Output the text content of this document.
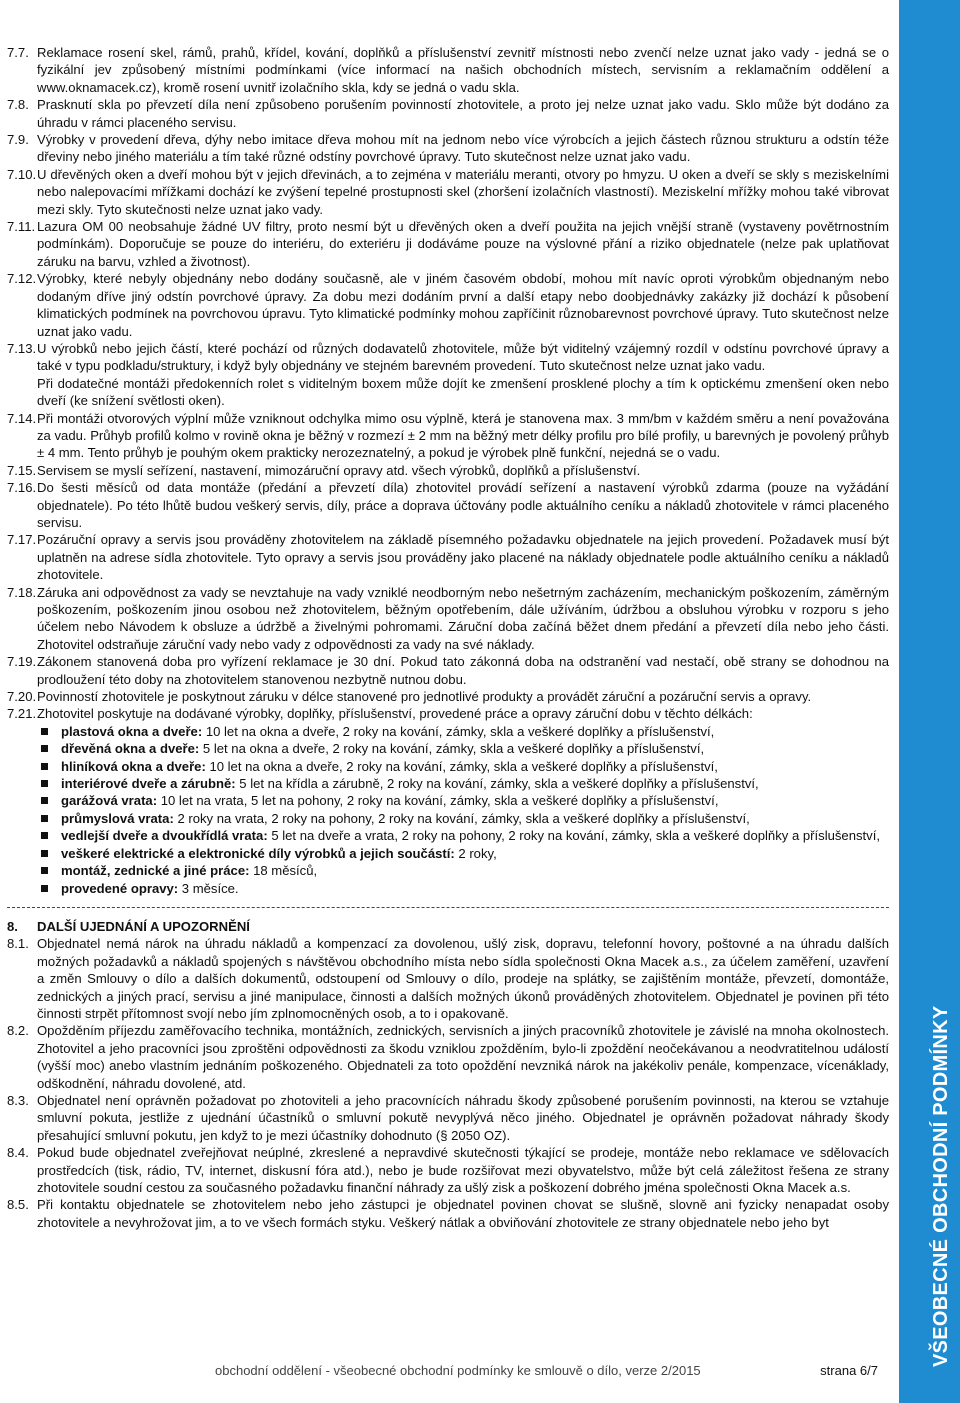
VŠEOBECNÉ OBCHODNÍ PODMÍNKY
7.7. Reklamace rosení skel, rámů, prahů, křídel, kování, doplňků a příslušenství zevnitř místnosti nebo zvenčí nelze uznat jako vady - jedná se o fyzikální jev způsobený místními podmínkami (více informací na našich obchodních místech, servisním a reklamačním oddělení a www.oknamacek.cz), kromě rosení uvnitř izolačního skla, kdy se jedná o vadu skla.
7.8. Prasknutí skla po převzetí díla není způsobeno porušením povinností zhotovitele, a proto jej nelze uznat jako vadu. Sklo může být dodáno za úhradu v rámci placeného servisu.
7.9. Výrobky v provedení dřeva, dýhy nebo imitace dřeva mohou mít na jednom nebo více výrobcích a jejich částech různou strukturu a odstín téže dřeviny nebo jiného materiálu a tím také různé odstíny povrchové úpravy. Tuto skutečnost nelze uznat jako vadu.
7.10. U dřevěných oken a dveří mohou být v jejich dřevinách, a to zejména v materiálu meranti, otvory po hmyzu. U oken a dveří se skly s meziskelními nebo nalepovacími mřížkami dochází ke zvýšení tepelné prostupnosti skel (zhoršení izolačních vlastností). Meziskelní mřížky mohou také vibrovat mezi skly. Tyto skutečnosti nelze uznat jako vady.
7.11. Lazura OM 00 neobsahuje žádné UV filtry, proto nesmí být u dřevěných oken a dveří použita na jejich vnější straně (vystaveny povětrnostním podmínkám). Doporučuje se pouze do interiéru, do exteriéru ji dodáváme pouze na výslovné přání a riziko objednatele (nelze pak uplatňovat záruku na barvu, vzhled a životnost).
7.12. Výrobky, které nebyly objednány nebo dodány současně, ale v jiném časovém období, mohou mít navíc oproti výrobkům objednaným nebo dodaným dříve jiný odstín povrchové úpravy. Za dobu mezi dodáním první a další etapy nebo doobjednávky zakázky již dochází k působení klimatických podmínek na povrchovou úpravu. Tyto klimatické podmínky mohou zapříčinit různobarevnost povrchové úpravy. Tuto skutečnost nelze uznat jako vadu.
7.13. U výrobků nebo jejich částí, které pochází od různých dodavatelů zhotovitele, může být viditelný vzájemný rozdíl v odstínu povrchové úpravy a také v typu podkladu/struktury, i když byly objednány ve stejném barevném provedení. Tuto skutečnost nelze uznat jako vadu.

Při dodatečné montáži předokenních rolet s viditelným boxem může dojít ke zmenšení prosklené plochy a tím k optickému zmenšení oken nebo dveří (ke snížení světlosti oken).

7.14. Při montáži otvorových výplní může vzniknout odchylka mimo osu výplně, která je stanovena max. 3 mm/bm v každém směru a není považována za vadu. Průhyb profilů kolmo v rovině okna je běžný v rozmezí ± 2 mm na běžný metr délky profilu pro bílé profily, u barevných je povolený průhyb ± 4 mm. Tento průhyb je pouhým okem prakticky nerozeznatelný, a pokud je výrobek plně funkční, nejedná se o vadu.
7.15. Servisem se myslí seřízení, nastavení, mimozáruční opravy atd. všech výrobků, doplňků a příslušenství.
7.16. Do šesti měsíců od data montáže (předání a převzetí díla) zhotovitel provádí seřízení a nastavení výrobků zdarma (pouze na vyžádání objednatele). Po této lhůtě budou veškerý servis, díly, práce a doprava účtovány podle aktuálního ceníku a nákladů zhotovitele v rámci placeného servisu.
7.17. Pozáruční opravy a servis jsou prováděny zhotovitelem na základě písemného požadavku objednatele na jejich provedení. Požadavek musí být uplatněn na adrese sídla zhotovitele. Tyto opravy a servis jsou prováděny jako placené na náklady objednatele podle aktuálního ceníku a nákladů zhotovitele.
7.18. Záruka ani odpovědnost za vady se nevztahuje na vady vzniklé neodborným nebo nešetrným zacházením, mechanickým poškozením, záměrným poškozením, poškozením jinou osobou než zhotovitelem, běžným opotřebením, dále užíváním, údržbou a obsluhou výrobku v rozporu s jeho účelem nebo Návodem k obsluze a údržbě a živelnými pohromami. Záruční doba začíná běžet dnem předání a převzetí díla nebo jeho části. Zhotovitel odstraňuje záruční vady nebo vady z odpovědnosti za vady na své náklady.
7.19. Zákonem stanovená doba pro vyřízení reklamace je 30 dní. Pokud tato zákonná doba na odstranění vad nestačí, obě strany se dohodnou na prodloužení této doby na zhotovitelem stanovenou nezbytně nutnou dobu.
7.20. Povinností zhotovitele je poskytnout záruku v délce stanovené pro jednotlivé produkty a provádět záruční a pozáruční servis a opravy.
7.21. Zhotovitel poskytuje na dodávané výrobky, doplňky, příslušenství, provedené práce a opravy záruční dobu v těchto délkách:

plastová okna a dveře: 10 let na okna a dveře, 2 roky na kování, zámky, skla a veškeré doplňky a příslušenství,
dřevěná okna a dveře: 5 let na okna a dveře, 2 roky na kování, zámky, skla a veškeré doplňky a příslušenství,
hliníková okna a dveře: 10 let na okna a dveře, 2 roky na kování, zámky, skla a veškeré doplňky a příslušenství,
interiérové dveře a zárubně: 5 let na křídla a zárubně, 2 roky na kování, zámky, skla a veškeré doplňky a příslušenství,
garážová vrata: 10 let na vrata, 5 let na pohony, 2 roky na kování, zámky, skla a veškeré doplňky a příslušenství,
průmyslová vrata: 2 roky na vrata, 2 roky na pohony, 2 roky na kování, zámky, skla a veškeré doplňky a příslušenství,
vedlejší dveře a dvoukřídlá vrata: 5 let na dveře a vrata, 2 roky na pohony, 2 roky na kování, zámky, skla a veškeré doplňky a příslušenství,
veškeré elektrické a elektronické díly výrobků a jejich součástí: 2 roky,
montáž, zednické a jiné práce: 18 měsíců,
provedené opravy: 3 měsíce.
8.	DALŠÍ UJEDNÁNÍ A UPOZORNĚNÍ
8.1. Objednatel nemá nárok na úhradu nákladů a kompenzací za dovolenou, ušlý zisk, dopravu, telefonní hovory, poštovné a na úhradu dalších možných požadavků a nákladů spojených s návštěvou obchodního místa nebo sídla společnosti Okna Macek a.s., za účelem zaměření, uzavření a změn Smlouvy o dílo a dalších dokumentů, odstoupení od Smlouvy o dílo, prodeje na splátky, se zajištěním montáže, převzetí, domontáže, zednických a jiných prací, servisu a jiné manipulace, činnosti a dalších možných úkonů prováděných zhotovitelem. Objednatel je povinen při této činnosti strpět přítomnost svojí nebo jím zplnomocněných osob, a to i opakovaně.
8.2. Opožděním příjezdu zaměřovacího technika, montážních, zednických, servisních a jiných pracovníků zhotovitele je závislé na mnoha okolnostech. Zhotovitel a jeho pracovníci jsou zproštěni odpovědnosti za škodu vzniklou zpožděním, bylo-li zpoždění neočekávanou a neodvratitelnou událostí (vyšší moc) anebo vlastním jednáním poškozeného. Objednateli za toto opoždění nevzniká nárok na jakékoliv penále, kompenzace, vícenáklady, odškodnění, náhradu dovolené, atd.
8.3. Objednatel není oprávněn požadovat po zhotoviteli a jeho pracovnících náhradu škody způsobené porušením povinnosti, na kterou se vztahuje smluvní pokuta, jestliže z ujednání účastníků o smluvní pokutě nevyplývá něco jiného. Objednatel je oprávněn požadovat náhrady škody přesahující smluvní pokutu, jen když to je mezi účastníky dohodnuto (§ 2050 OZ).
8.4. Pokud bude objednatel zveřejňovat neúplné, zkreslené a nepravdivé skutečnosti týkající se prodeje, montáže nebo reklamace ve sdělovacích prostředcích (tisk, rádio, TV, internet, diskusní fóra atd.), nebo je bude rozšiřovat mezi obyvatelstvo, může být celá záležitost řešena ze strany zhotovitele soudní cestou za současného požadavku finanční náhrady za ušlý zisk a poškození dobrého jména společnosti Okna Macek a.s.
8.5. Při kontaktu objednatele se zhotovitelem nebo jeho zástupci je objednatel povinen chovat se slušně, slovně ani fyzicky nenapadat osoby zhotovitele a nevyhrožovat jim, a to ve všech formách styku. Veškerý nátlak a obviňování zhotovitele ze strany objednatele nebo jeho byt
obchodní oddělení - všeobecné obchodní podmínky ke smlouvě o dílo, verze 2/2015	strana 6/7
